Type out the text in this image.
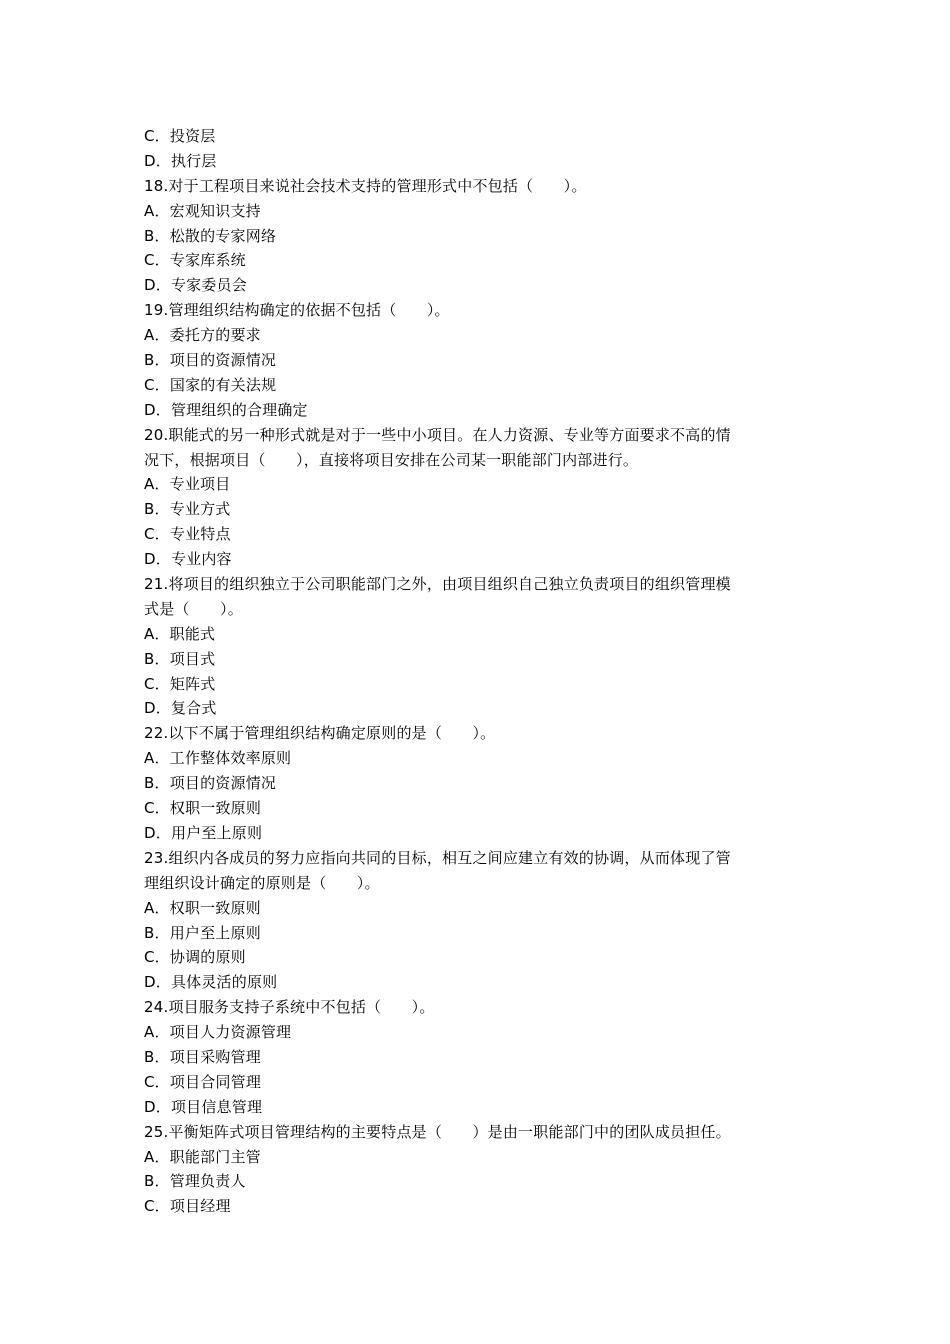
C．投资层
D．执行层
18.对于工程项目来说社会技术支持的管理形式中不包括（　　）。
A．宏观知识支持
B．松散的专家网络
C．专家库系统
D．专家委员会
19.管理组织结构确定的依据不包括（　　）。
A．委托方的要求
B．项目的资源情况
C．国家的有关法规
D．管理组织的合理确定
20.职能式的另一种形式就是对于一些中小项目。在人力资源、专业等方面要求不高的情
况下，根据项目（　　），直接将项目安排在公司某一职能部门内部进行。
A．专业项目
B．专业方式
C．专业特点
D．专业内容
21.将项目的组织独立于公司职能部门之外，由项目组织自己独立负责项目的组织管理模
式是（　　）。
A．职能式
B．项目式
C．矩阵式
D．复合式
22.以下不属于管理组织结构确定原则的是（　　）。
A．工作整体效率原则
B．项目的资源情况
C．权职一致原则
D．用户至上原则
23.组织内各成员的努力应指向共同的目标，相互之间应建立有效的协调，从而体现了管
理组织设计确定的原则是（　　）。
A．权职一致原则
B．用户至上原则
C．协调的原则
D．具体灵活的原则
24.项目服务支持子系统中不包括（　　）。
A．项目人力资源管理
B．项目采购管理
C．项目合同管理
D．项目信息管理
25.平衡矩阵式项目管理结构的主要特点是（　　）是由一职能部门中的团队成员担任。
A．职能部门主管
B．管理负责人
C．项目经理
